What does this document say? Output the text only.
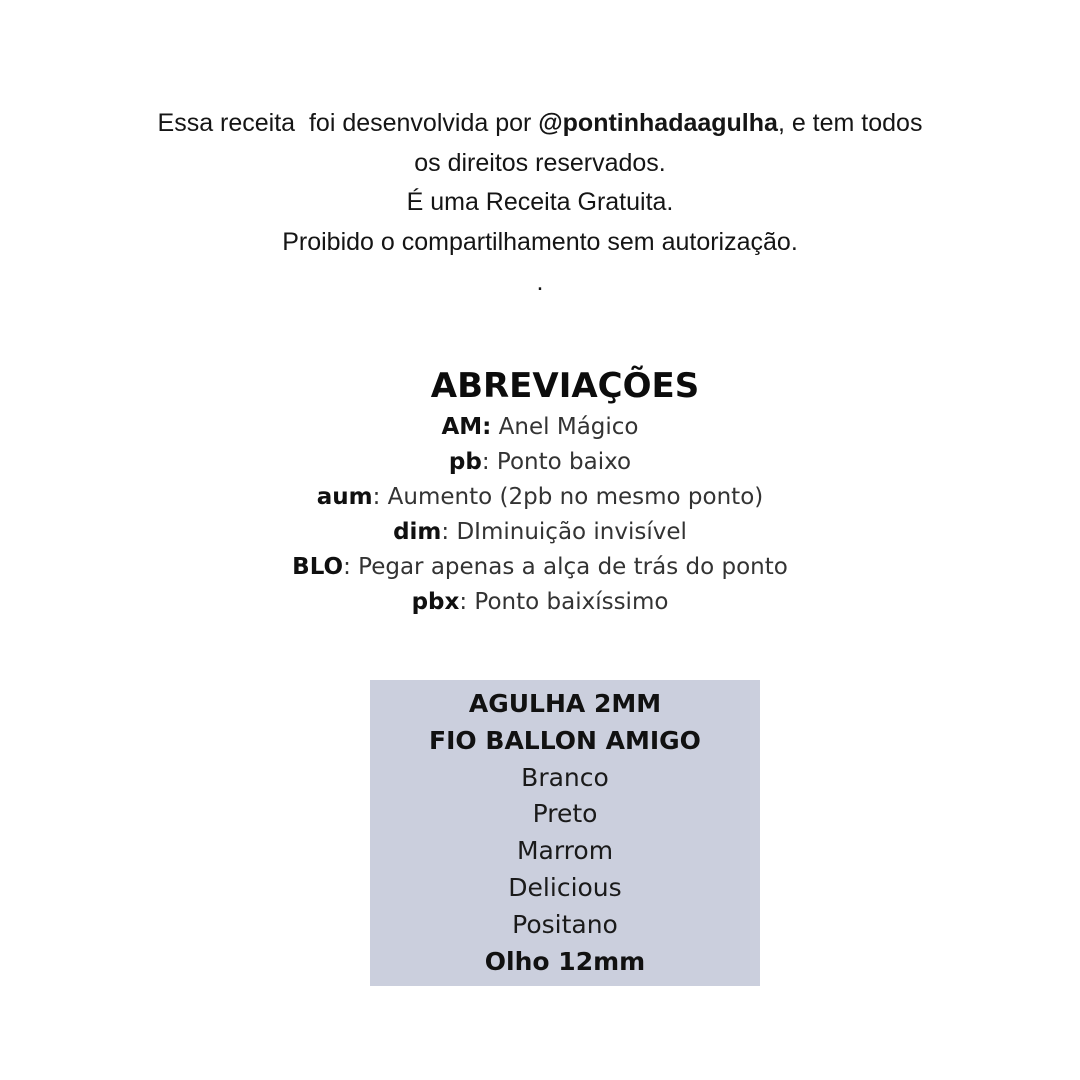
Essa receita  foi desenvolvida por @pontinhadaagulha, e tem todos
os direitos reservados.
É uma Receita Gratuita.
Proibido o compartilhamento sem autorização.
.
ABREVIAÇÕES
AM: Anel Mágico
pb: Ponto baixo
aum: Aumento (2pb no mesmo ponto)
dim: DIminuição invisível
BLO: Pegar apenas a alça de trás do ponto
pbx: Ponto baixíssimo
AGULHA 2MM
FIO BALLON AMIGO
Branco
Preto
Marrom
Delicious
Positano
Olho 12mm
